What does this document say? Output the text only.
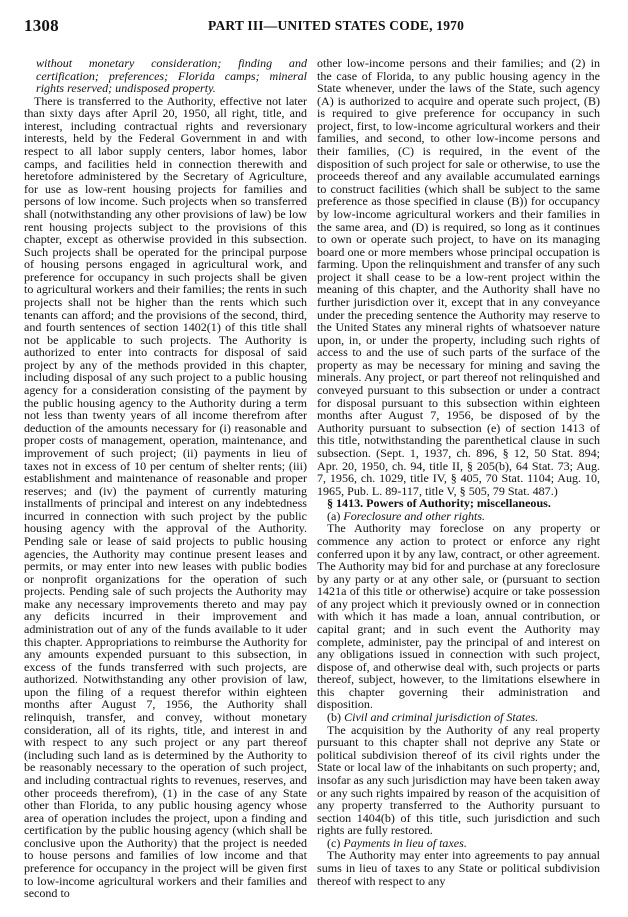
1308	PART III—UNITED STATES CODE, 1970

without monetary consideration; finding and certification; preferences; Florida camps; mineral rights reserved; undisposed property.

There is transferred to the Authority, effective not later than sixty days after April 20, 1950, all right, title, and interest, including contractual rights and reversionary interests, held by the Federal Government in and with respect to all labor supply centers, labor homes, labor camps, and facilities held in connection therewith and heretofore administered by the Secretary of Agriculture, for use as low-rent housing projects for families and persons of low income. Such projects when so transferred shall (notwithstanding any other provisions of law) be low rent housing projects subject to the provisions of this chapter, except as otherwise provided in this subsection. Such projects shall be operated for the principal purpose of housing persons engaged in agricultural work, and preference for occupancy in such projects shall be given to agricultural workers and their families; the rents in such projects shall not be higher than the rents which such tenants can afford; and the provisions of the second, third, and fourth sentences of section 1402(1) of this title shall not be applicable to such projects. The Authority is authorized to enter into contracts for disposal of said project by any of the methods provided in this chapter, including disposal of any such project to a public housing agency for a consideration consisting of the payment by the public housing agency to the Authority during a term not less than twenty years of all income therefrom after deduction of the amounts necessary for (i) reasonable and proper costs of management, operation, maintenance, and improvement of such project; (ii) payments in lieu of taxes not in excess of 10 per centum of shelter rents; (iii) establishment and maintenance of reasonable and proper reserves; and (iv) the payment of currently maturing installments of principal and interest on any indebtedness incurred in connection with such project by the public housing agency with the approval of the Authority. Pending sale or lease of said projects to public housing agencies, the Authority may continue present leases and permits, or may enter into new leases with public bodies or nonprofit organizations for the operation of such projects. Pending sale of such projects the Authority may make any necessary improvements thereto and may pay any deficits incurred in their improvement and administration out of any of the funds available to it uder this chapter. Appropriations to reimburse the Authority for any amounts expended pursuant to this subsection, in excess of the funds transferred with such projects, are authorized. Notwithstanding any other provision of law, upon the filing of a request therefor within eighteen months after August 7, 1956, the Authority shall relinquish, transfer, and convey, without monetary consideration, all of its rights, title, and interest in and with respect to any such project or any part thereof (including such land as is determined by the Authority to be reasonably necessary to the operation of such project, and including contractual rights to revenues, reserves, and other proceeds therefrom), (1) in the case of any State other than Florida, to any public housing agency whose area of operation includes the project, upon a finding and certification by the public housing agency (which shall be conclusive upon the Authority) that the project is needed to house persons and families of low income and that preference for occupancy in the project will be given first to low-income agricultural workers and their families and second to

other low-income persons and their families; and (2) in the case of Florida, to any public housing agency in the State whenever, under the laws of the State, such agency (A) is authorized to acquire and operate such project, (B) is required to give preference for occupancy in such project, first, to low-income agricultural workers and their families, and second, to other low-income persons and their families, (C) is required, in the event of the disposition of such project for sale or otherwise, to use the proceeds thereof and any available accumulated earnings to construct facilities (which shall be subject to the same preference as those specified in clause (B)) for occupancy by low-income agricultural workers and their families in the same area, and (D) is required, so long as it continues to own or operate such project, to have on its managing board one or more members whose principal occupation is farming. Upon the relinquishment and transfer of any such project it shall cease to be a low-rent project within the meaning of this chapter, and the Authority shall have no further jurisdiction over it, except that in any conveyance under the preceding sentence the Authority may reserve to the United States any mineral rights of whatsoever nature upon, in, or under the property, including such rights of access to and the use of such parts of the surface of the property as may be necessary for mining and saving the minerals. Any project, or part thereof not relinquished and conveyed pursuant to this subsection or under a contract for disposal pursuant to this subsection within eighteen months after August 7, 1956, be disposed of by the Authority pursuant to subsection (e) of section 1413 of this title, notwithstanding the parenthetical clause in such subsection. (Sept. 1, 1937, ch. 896, § 12, 50 Stat. 894; Apr. 20, 1950, ch. 94, title II, § 205(b), 64 Stat. 73; Aug. 7, 1956, ch. 1029, title IV, § 405, 70 Stat. 1104; Aug. 10, 1965, Pub. L. 89-117, title V, § 505, 79 Stat. 487.)

§ 1413. Powers of Authority; miscellaneous.

(a) Foreclosure and other rights.

The Authority may foreclose on any property or commence any action to protect or enforce any right conferred upon it by any law, contract, or other agreement. The Authority may bid for and purchase at any foreclosure by any party or at any other sale, or (pursuant to section 1421a of this title or otherwise) acquire or take possession of any project which it previously owned or in connection with which it has made a loan, annual contribution, or capital grant; and in such event the Authority may complete, administer, pay the principal of and interest on any obligations issued in connection with such project, dispose of, and otherwise deal with, such projects or parts thereof, subject, however, to the limitations elsewhere in this chapter governing their administration and disposition.

(b) Civil and criminal jurisdiction of States.

The acquisition by the Authority of any real property pursuant to this chapter shall not deprive any State or political subdivision thereof of its civil rights under the State or local law of the inhabitants on such property; and, insofar as any such jurisdiction may have been taken away or any such rights impaired by reason of the acquisition of any property transferred to the Authority pursuant to section 1404(b) of this title, such jurisdiction and such rights are fully restored.

(c) Payments in lieu of taxes.

The Authority may enter into agreements to pay annual sums in lieu of taxes to any State or political subdivision thereof with respect to any
